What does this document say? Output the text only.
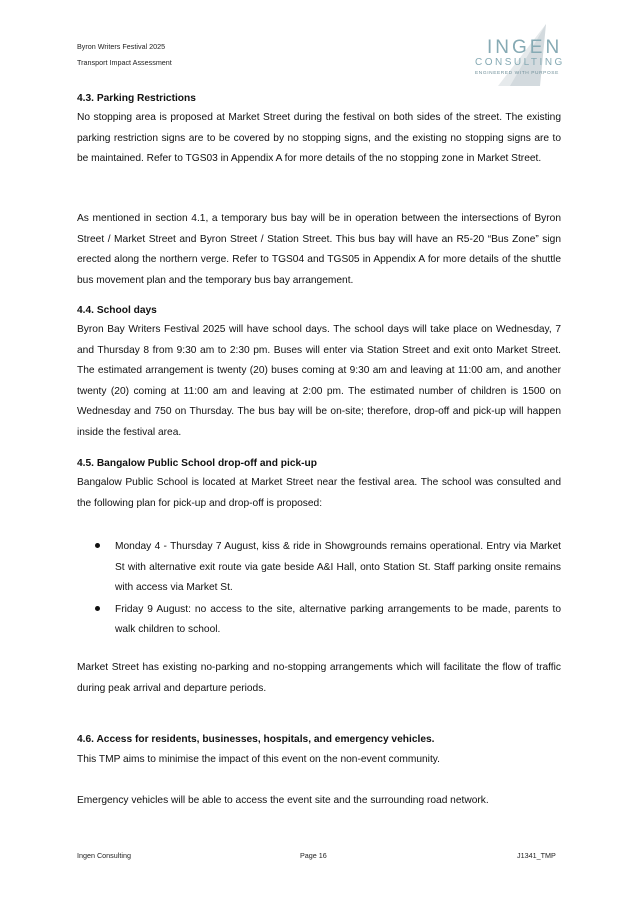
Byron Writers Festival 2025
Transport Impact Assessment
INGEN
CONSULTING
ENGINEERED WITH PURPOSE
4.3. Parking Restrictions

No stopping area is proposed at Market Street during the festival on both sides of the street. The existing parking restriction signs are to be covered by no stopping signs, and the existing no stopping signs are to be maintained. Refer to TGS03 in Appendix A for more details of the no stopping zone in Market Street.

As mentioned in section 4.1, a temporary bus bay will be in operation between the intersections of Byron Street / Market Street and Byron Street / Station Street. This bus bay will have an R5-20 “Bus Zone” sign erected along the northern verge. Refer to TGS04 and TGS05 in Appendix A for more details of the shuttle bus movement plan and the temporary bus bay arrangement.

4.4. School days

Byron Bay Writers Festival 2025 will have school days. The school days will take place on Wednesday, 7 and Thursday 8 from 9:30 am to 2:30 pm. Buses will enter via Station Street and exit onto Market Street. The estimated arrangement is twenty (20) buses coming at 9:30 am and leaving at 11:00 am, and another twenty (20) coming at 11:00 am and leaving at 2:00 pm. The estimated number of children is 1500 on Wednesday and 750 on Thursday. The bus bay will be on-site; therefore, drop-off and pick-up will happen inside the festival area.

4.5. Bangalow Public School drop-off and pick-up

Bangalow Public School is located at Market Street near the festival area. The school was consulted and the following plan for pick-up and drop-off is proposed:

Monday 4 - Thursday 7 August, kiss & ride in Showgrounds remains operational. Entry via Market St with alternative exit route via gate beside A&I Hall, onto Station St. Staff parking onsite remains with access via Market St.
Friday 9 August: no access to the site, alternative parking arrangements to be made, parents to walk children to school.

Market Street has existing no-parking and no-stopping arrangements which will facilitate the flow of traffic during peak arrival and departure periods.

4.6. Access for residents, businesses, hospitals, and emergency vehicles.

This TMP aims to minimise the impact of this event on the non-event community.

Emergency vehicles will be able to access the event site and the surrounding road network.

Ingen Consulting	Page 16	J1341_TMP
